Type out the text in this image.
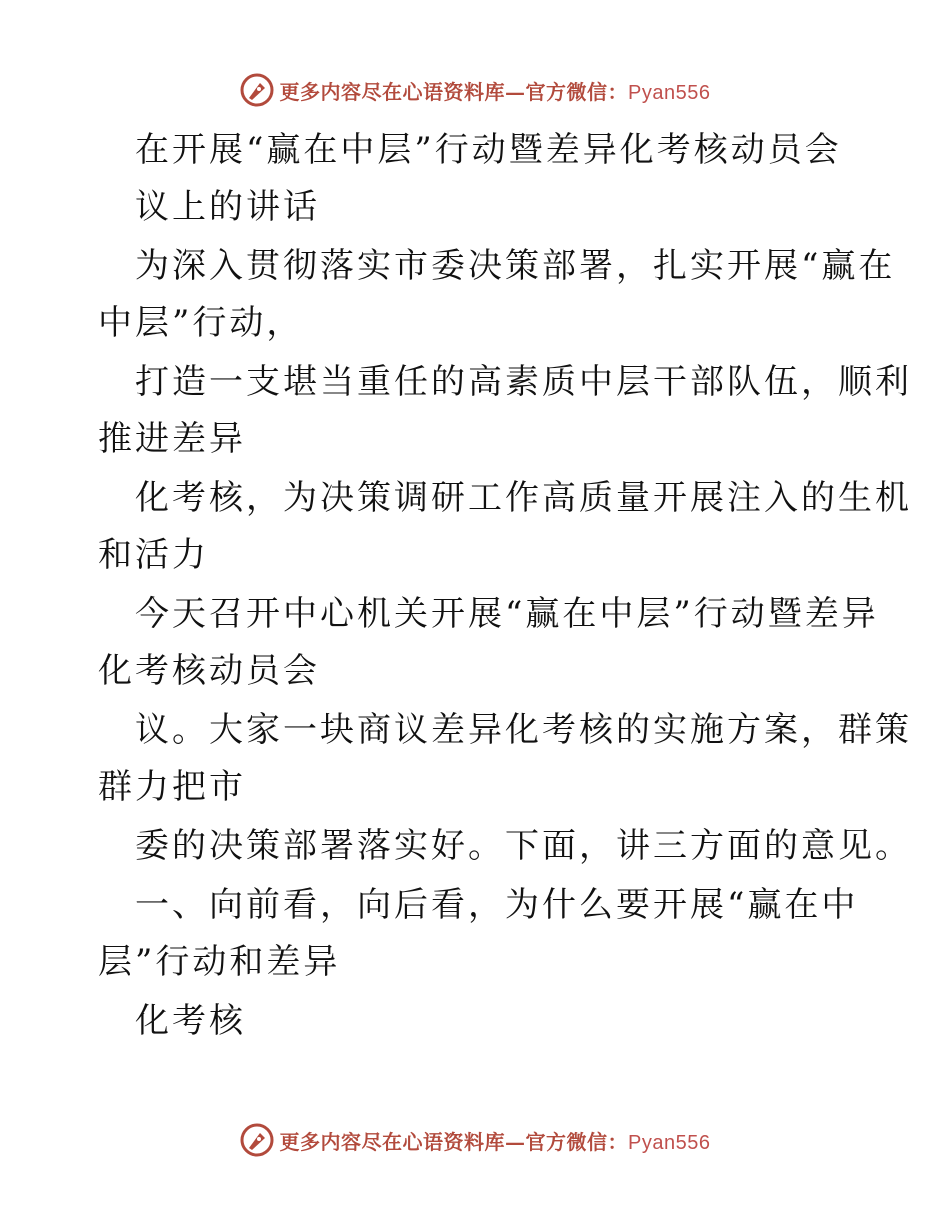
更多内容尽在心语资料库—官方微信：Pyan556
在开展“赢在中层”行动暨差异化考核动员会
议上的讲话
为深入贯彻落实市委决策部署，扎实开展“赢在
中层”行动，
打造一支堪当重任的高素质中层干部队伍，顺利
推进差异
化考核，为决策调研工作高质量开展注入的生机
和活力
今天召开中心机关开展“赢在中层”行动暨差异
化考核动员会
议。大家一块商议差异化考核的实施方案，群策
群力把市
委的决策部署落实好。下面，讲三方面的意见。
一、向前看，向后看，为什么要开展“赢在中
层”行动和差异
化考核
更多内容尽在心语资料库—官方微信：Pyan556
